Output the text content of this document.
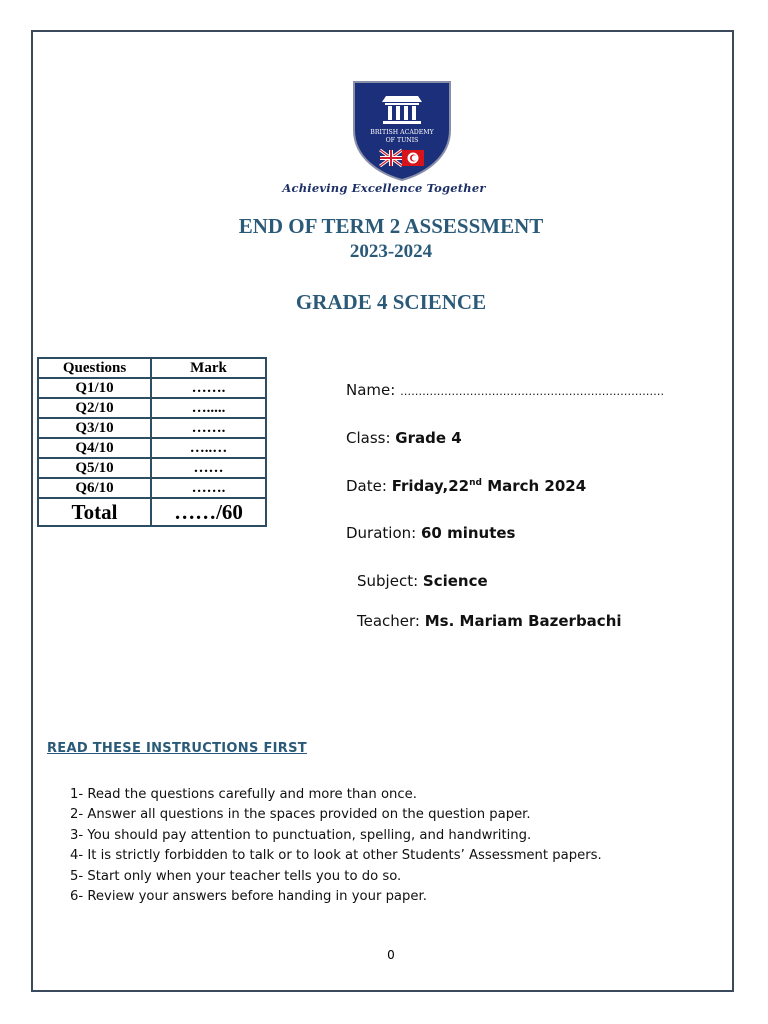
BRITISH ACADEMY
OF TUNIS
Achieving Excellence Together
END OF TERM 2 ASSESSMENT
2023-2024
GRADE 4 SCIENCE
Questions	Mark
Q1/10	…….
Q2/10	….....
Q3/10	…….
Q4/10	…..…
Q5/10	……
Q6/10	…….
Total	……/60
Name: ………………………………………………………………
Class: Grade 4
Date: Friday,22nd March 2024
Duration: 60 minutes
Subject: Science
Teacher: Ms. Mariam Bazerbachi
READ THESE INSTRUCTIONS FIRST
1- Read the questions carefully and more than once.
2- Answer all questions in the spaces provided on the question paper.
3- You should pay attention to punctuation, spelling, and handwriting.
4- It is strictly forbidden to talk or to look at other Students’ Assessment papers.
5- Start only when your teacher tells you to do so.
6- Review your answers before handing in your paper.
0
